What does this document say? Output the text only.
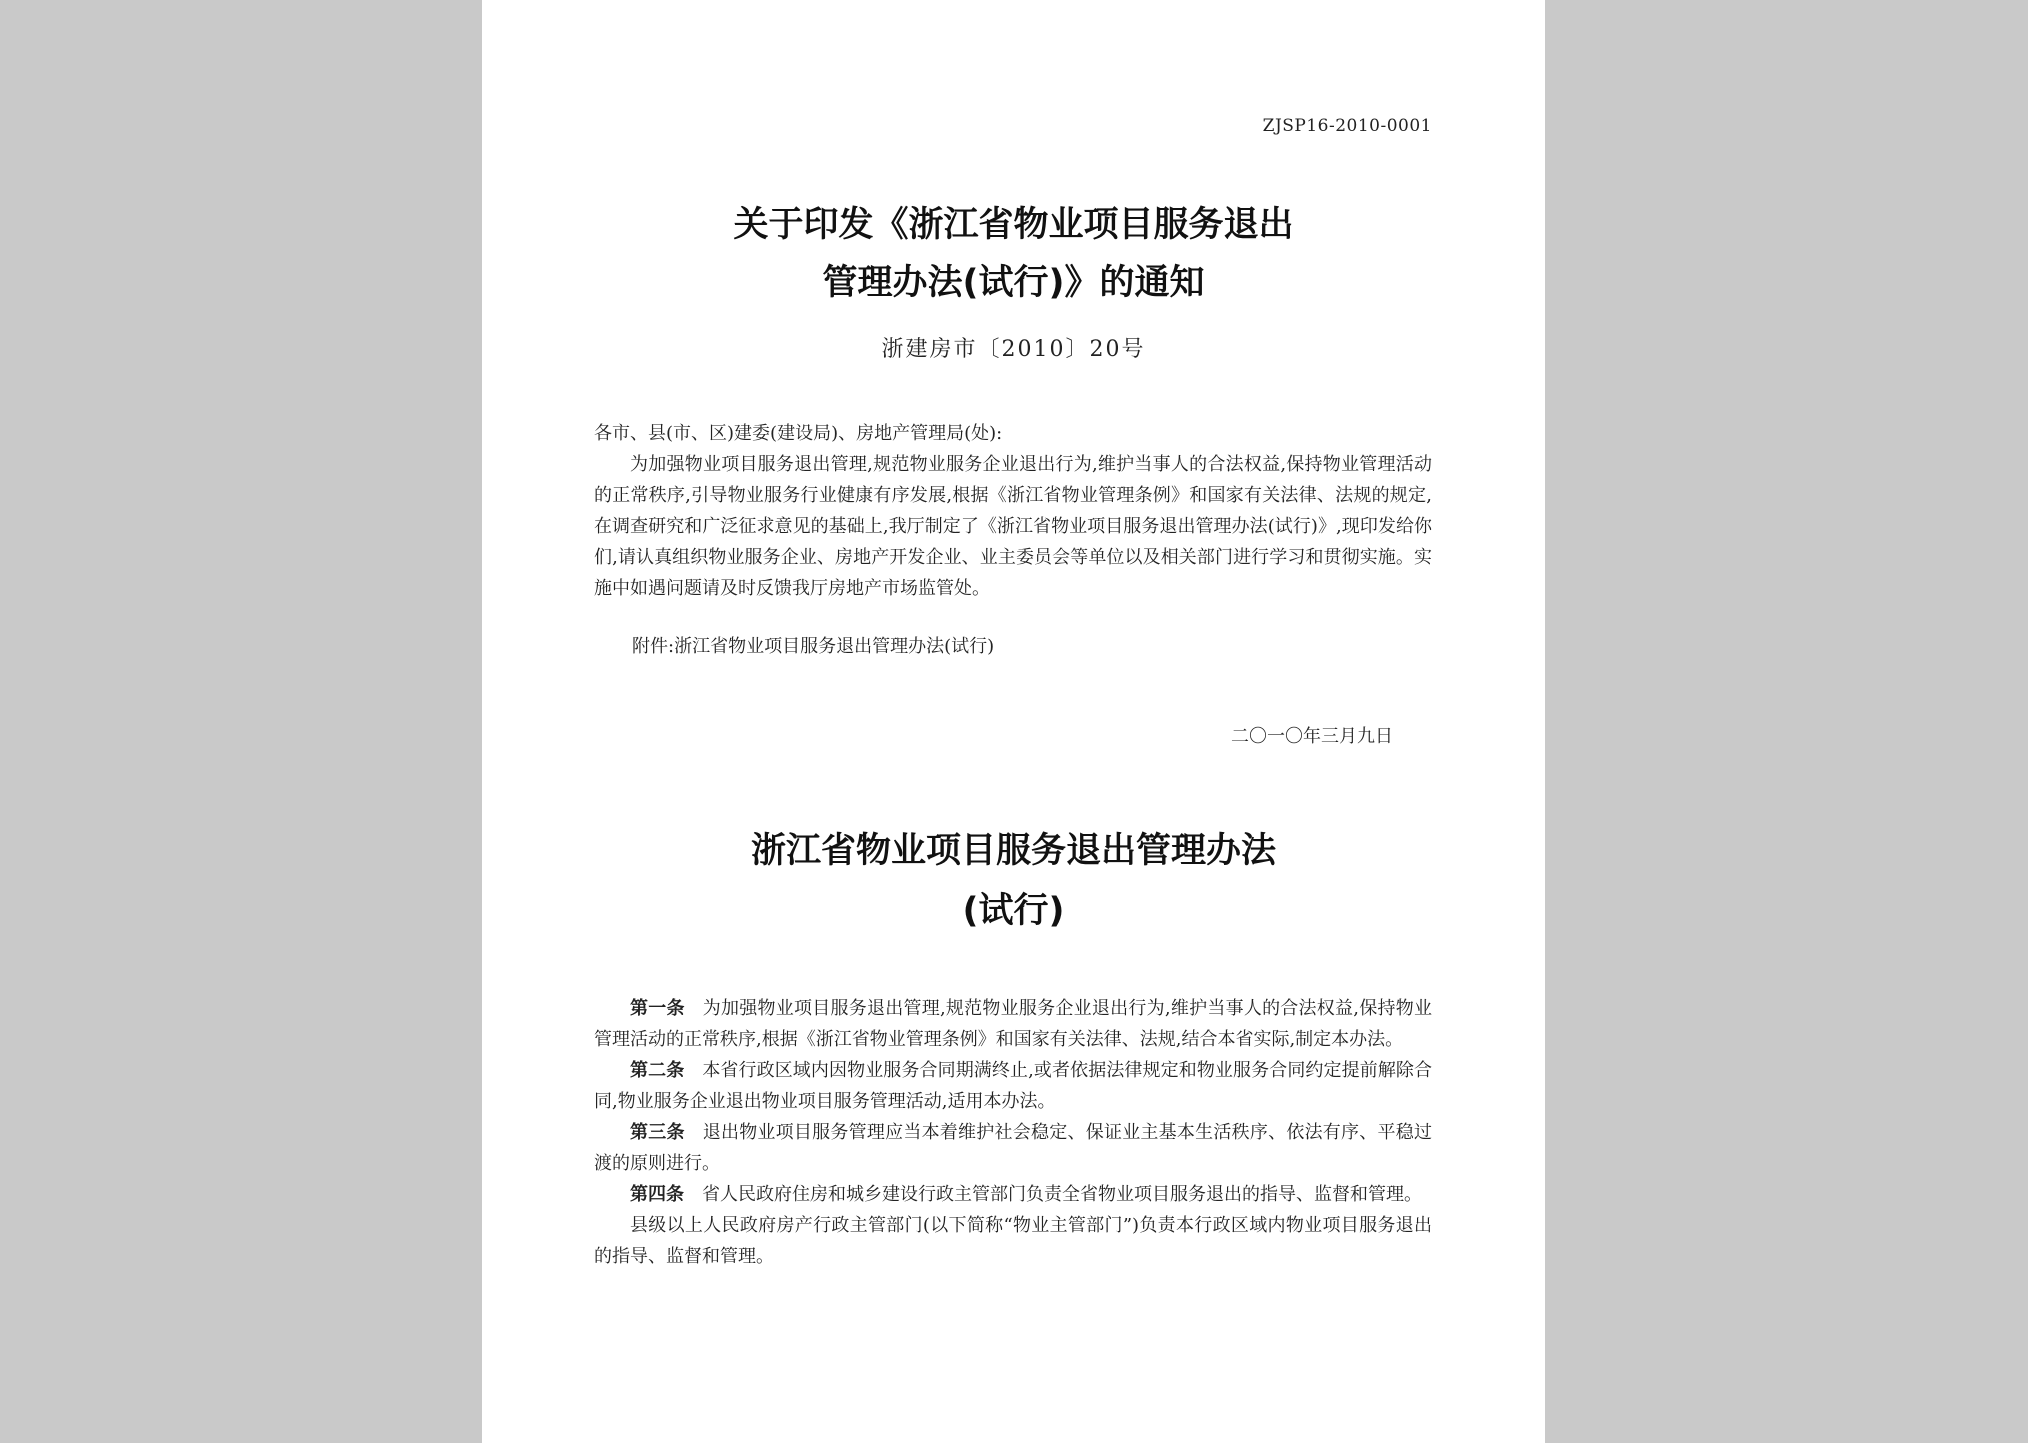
ZJSP16-2010-0001
关于印发《浙江省物业项目服务退出
管理办法(试行)》的通知
浙建房市〔2010〕20号
各市、县(市、区)建委(建设局)、房地产管理局(处):
为加强物业项目服务退出管理,规范物业服务企业退出行为,维护当事人的合法权益,保持物业管理活动的正常秩序,引导物业服务行业健康有序发展,根据《浙江省物业管理条例》和国家有关法律、法规的规定,在调查研究和广泛征求意见的基础上,我厅制定了《浙江省物业项目服务退出管理办法(试行)》,现印发给你们,请认真组织物业服务企业、房地产开发企业、业主委员会等单位以及相关部门进行学习和贯彻实施。实施中如遇问题请及时反馈我厅房地产市场监管处。
附件:浙江省物业项目服务退出管理办法(试行)
二〇一〇年三月九日
浙江省物业项目服务退出管理办法
(试行)

第一条 为加强物业项目服务退出管理,规范物业服务企业退出行为,维护当事人的合法权益,保持物业管理活动的正常秩序,根据《浙江省物业管理条例》和国家有关法律、法规,结合本省实际,制定本办法。

第二条 本省行政区域内因物业服务合同期满终止,或者依据法律规定和物业服务合同约定提前解除合同,物业服务企业退出物业项目服务管理活动,适用本办法。

第三条 退出物业项目服务管理应当本着维护社会稳定、保证业主基本生活秩序、依法有序、平稳过渡的原则进行。

第四条 省人民政府住房和城乡建设行政主管部门负责全省物业项目服务退出的指导、监督和管理。

县级以上人民政府房产行政主管部门(以下简称“物业主管部门”)负责本行政区域内物业项目服务退出的指导、监督和管理。
